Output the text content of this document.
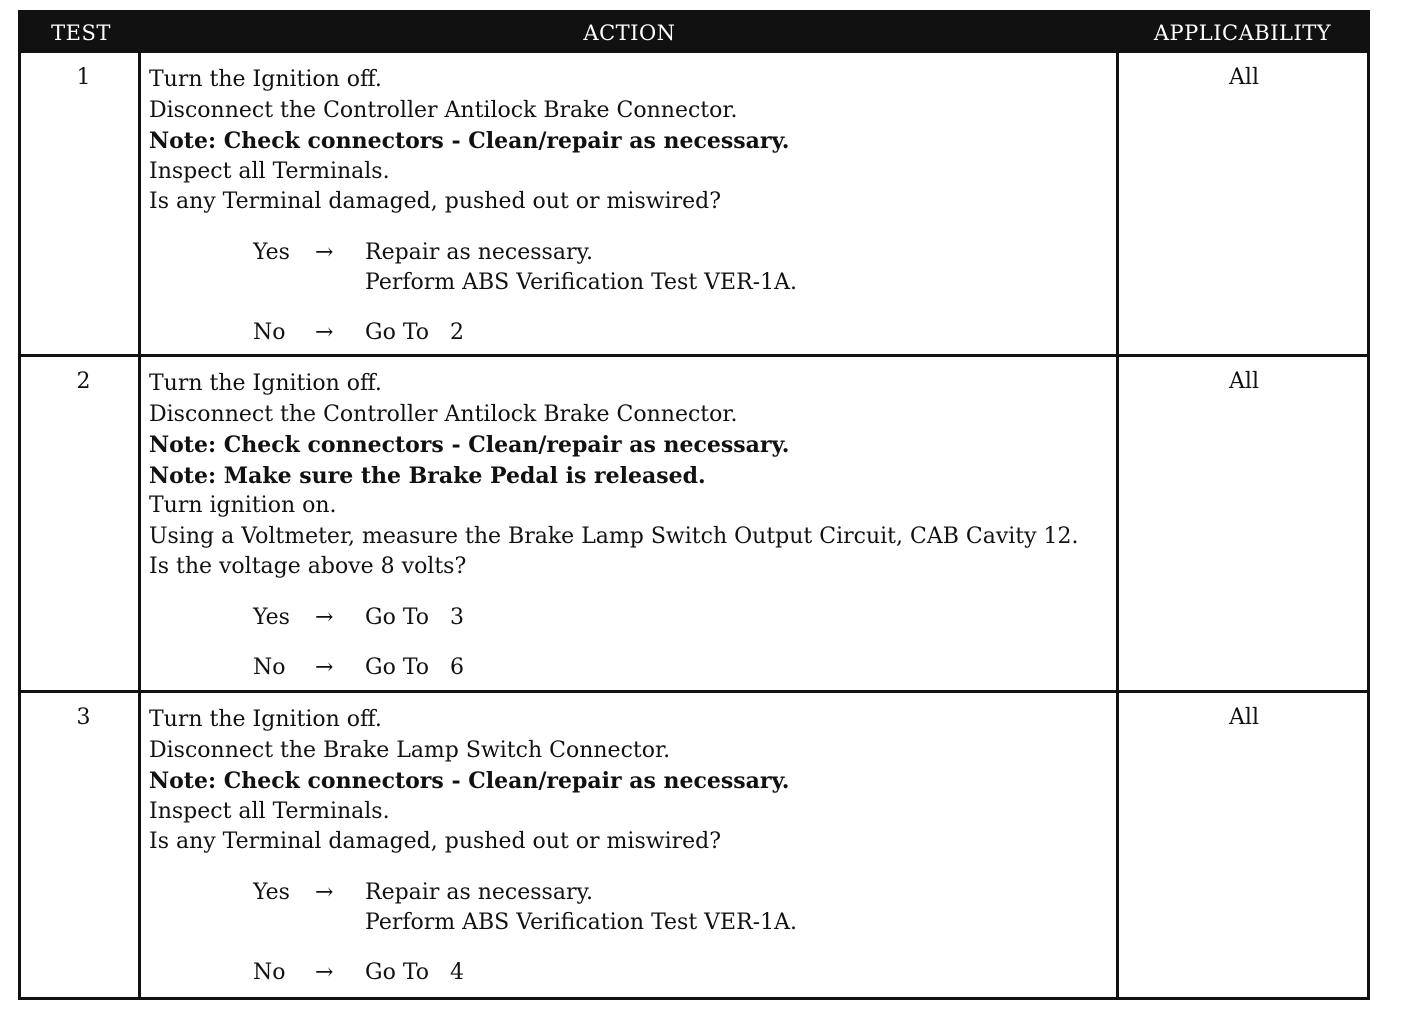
TEST	ACTION	APPLICABILITY
1	Turn the Ignition off.
Disconnect the Controller Antilock Brake Connector.
Note: Check connectors - Clean/repair as necessary.
Inspect all Terminals.
Is any Terminal damaged, pushed out or miswired?
Yes → Repair as necessary.
Perform ABS Verification Test VER-1A.
No → Go To   2
All
2	Turn the Ignition off.
Disconnect the Controller Antilock Brake Connector.
Note: Check connectors - Clean/repair as necessary.
Note: Make sure the Brake Pedal is released.
Turn ignition on.
Using a Voltmeter, measure the Brake Lamp Switch Output Circuit, CAB Cavity 12.
Is the voltage above 8 volts?
Yes → Go To   3
No → Go To   6
All
3	Turn the Ignition off.
Disconnect the Brake Lamp Switch Connector.
Note: Check connectors - Clean/repair as necessary.
Inspect all Terminals.
Is any Terminal damaged, pushed out or miswired?
Yes → Repair as necessary.
Perform ABS Verification Test VER-1A.
No → Go To   4
All
